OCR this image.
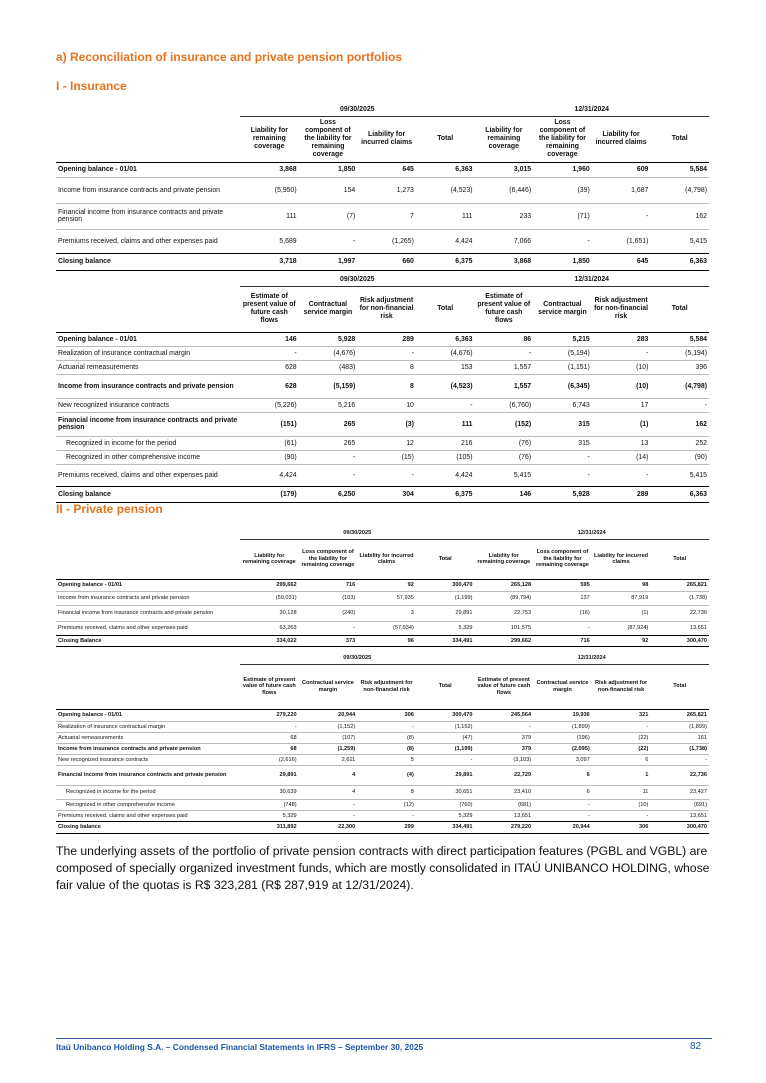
a) Reconciliation of insurance and private pension portfolios
I - Insurance
	09/30/2025				12/31/2024			
	Liability for remaining coverage	Loss component of the liability for remaining coverage	Liability for incurred claims	Total	Liability for remaining coverage	Loss component of the liability for remaining coverage	Liability for incurred claims	Total
Opening balance - 01/01	3,868	1,850	645	6,363	3,015	1,960	609	5,584
Income from insurance contracts and private pension	(5,950)	154	1,273	(4,523)	(6,446)	(39)	1,687	(4,798)
Financial income from insurance contracts and private pension	111	(7)	7	111	233	(71)	-	162
Premiums received, claims and other expenses paid	5,689	-	(1,265)	4,424	7,066	-	(1,651)	5,415
Closing balance	3,718	1,997	660	6,375	3,868	1,850	645	6,363
	09/30/2025				12/31/2024			
	Estimate of present value of future cash flows	Contractual service margin	Risk adjustment for non-financial risk	Total	Estimate of present value of future cash flows	Contractual service margin	Risk adjustment for non-financial risk	Total
Opening balance - 01/01	146	5,928	289	6,363	86	5,215	283	5,584
Realization of insurance contractual margin	-	(4,676)	-	(4,676)	-	(5,194)	-	(5,194)
Actuarial remeasurements	628	(483)	8	153	1,557	(1,151)	(10)	396
Income from insurance contracts and private pension	628	(5,159)	8	(4,523)	1,557	(6,345)	(10)	(4,798)
New recognized insurance contracts	(5,226)	5,216	10	-	(6,760)	6,743	17	-
Financial income from insurance contracts and private pension	(151)	265	(3)	111	(152)	315	(1)	162
Recognized in income for the period	(61)	265	12	216	(76)	315	13	252
Recognized in other comprehensive income	(90)	-	(15)	(105)	(76)	-	(14)	(90)
Premiums received, claims and other expenses paid	4,424	-	-	4,424	5,415	-	-	5,415
Closing balance	(179)	6,250	304	6,375	146	5,928	289	6,363
II - Private pension
	09/30/2025				12/31/2024			
	Liability for remaining coverage	Loss component of the liability for remaining coverage	Liability for incurred claims	Total	Liability for remaining coverage	Loss component of the liability for remaining coverage	Liability for incurred claims	Total
Opening balance - 01/01	299,662	716	92	300,470	265,128	595	98	265,821
Income from insurance contracts and private pension	(59,031)	(103)	57,935	(1,199)	(89,794)	137	87,919	(1,738)
Financial income from insurance contracts and private pension	30,128	(240)	3	29,891	22,753	(16)	(1)	22,736
Premiums received, claims and other expenses paid	63,263	-	(57,934)	5,329	101,575	-	(87,924)	13,651
Closing Balance	334,022	373	96	334,491	299,662	716	92	300,470
	09/30/2025				12/31/2024			
	Estimate of present value of future cash flows	Contractual service margin	Risk adjustment for non-financial risk	Total	Estimate of present value of future cash flows	Contractual service margin	Risk adjustment for non-financial risk	Total
Opening balance - 01/01	279,220	20,944	306	300,470	245,564	19,936	321	265,821
Realization of insurance contractual margin	-	(1,152)	-	(1,152)	-	(1,899)	-	(1,899)
Actuarial remeasurements	68	(107)	(8)	(47)	379	(196)	(22)	161
Income from insurance contracts and private pension	68	(1,259)	(8)	(1,199)	379	(2,095)	(22)	(1,738)
New recognized insurance contracts	(2,616)	2,611	5	-	(3,103)	3,097	6	-
Financial income from insurance contracts and private pension	29,891	4	(4)	29,891	22,729	6	1	22,736
Recognized in income for the period	30,639	4	8	30,651	23,410	6	11	23,427
Recognized in other comprehensive income	(748)	-	(12)	(760)	(681)	-	(10)	(691)
Premiums received, claims and other expenses paid	5,329	-	-	5,329	13,651	-	-	13,651
Closing balance	311,892	22,300	299	334,491	279,220	20,944	306	300,470

The underlying assets of the portfolio of private pension contracts with direct participation features (PGBL and VGBL) are composed of specially organized investment funds, which are mostly consolidated in ITAÚ UNIBANCO HOLDING, whose fair value of the quotas is R$ 323,281 (R$ 287,919 at 12/31/2024).

Itaú Unibanco Holding S.A. – Condensed Financial Statements in IFRS – September 30, 2025	82
